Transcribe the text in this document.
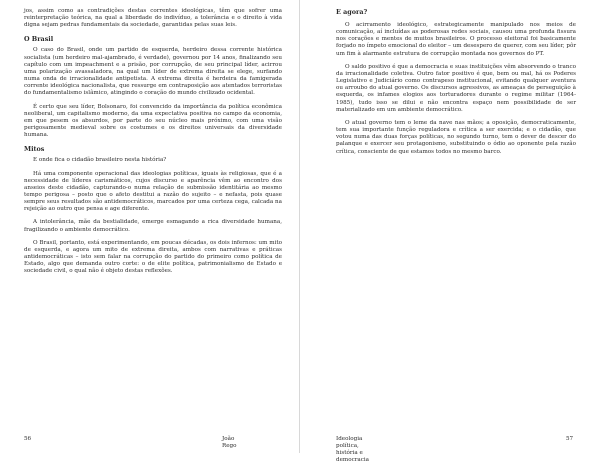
jos, assim como as contradições destas correntes ideológicas, têm que sofrer uma reinterpretação teórica, na qual a liberdade do indivíduo, a tolerância e o direito à vida digna sejam pedras fundamentais da sociedade, garantidas pelas suas leis.

O Brasil

O caso do Brasil, onde um partido de esquerda, herdeiro dessa corrente histórica socialista (um herdeiro mal-ajambrado, é verdade), governou por 14 anos, finalizando seu capítulo com um impeachment e a prisão, por corrupção, de seu principal líder, acirrou uma polarização avassaladora, na qual um líder de extrema direita se elege, surfando numa onda de irracionalidade antipetista. A extrema direita é herdeira da famigerada corrente ideológica nacionalista, que ressurge em contraposição aos atentados terroristas do fundamentalismo islâmico, atingindo o coração do mundo civilizado ocidental.

É certo que seu líder, Bolsonaro, foi convencido da importância da política econômica neoliberal, um capitalismo moderno, da uma expectativa positiva no campo da economia, em que pesem os absurdos, por parte do seu núcleo mais próximo, com uma visão perigosamente medieval sobre os costumes e os direitos universais da diversidade humana.

Mitos

E onde fica o cidadão brasileiro nesta história?

Há uma componente operacional das ideologias políticas, iguais às religiosas, que é a necessidade de líderes carismáticos, cujos discurso e aparência vêm ao encontro dos anseios deste cidadão, capturando-o numa relação de submissão identitária ao mesmo tempo perigosa – posto que o afeto destitui a razão do sujeito – e nefasta, pois quase sempre seus resultados são antidemocráticos, marcados por uma certeza cega, calcada na rejeição ao outro que pensa e age diferente.

A intolerância, mãe da bestialidade, emerge esmagando a rica diversidade humana, fragilizando o ambiente democrático.

O Brasil, portanto, está experimentando, em poucas décadas, os dois infernos: um mito de esquerda, e agora um mito de extrema direita, ambos com narrativas e práticas antidemocráticas – isto sem falar na corrupção do partido do primeiro como política de Estado, algo que demanda outro corte: o de elite política, patrimonialismo de Estado e sociedade civil, o qual não é objeto destas reflexões.

E agora?

O acirramento ideológico, estrategicamente manipulado nos meios de comunicação, aí incluídas as poderosas redes sociais, causou uma profunda fissura nos corações e mentes de muitos brasileiros. O processo eleitoral foi basicamente forjado no ímpeto emocional do eleitor – um desespero de querer, com seu líder, pôr um fim à alarmante estrutura de corrupção montada nos governos do PT.

O saldo positivo é que a democracia e suas instituições vêm absorvendo o tranco da irracionalidade coletiva. Outro fator positivo é que, bem ou mal, há os Poderes Legislativo e Judiciário como contrapeso institucional, evitando qualquer aventura ou arroubo do atual governo. Os discursos agressivos, as ameaças de perseguição à esquerda, os infames elogios aos torturadores durante o regime militar (1964-1985), tudo isso se dilui e não encontra espaço nem possibilidade de ser materializado em um ambiente democrático.

O atual governo tem o leme da nave nas mãos; a oposição, democraticamente, tem sua importante função reguladora e crítica a ser exercida; e o cidadão, que votou numa das duas forças políticas, no segundo turno, tem o dever de descer do palanque e exercer seu protagonismo, substituindo o ódio ao oponente pela razão crítica, consciente de que estamos todos no mesmo barco.

56	João Rego
Ideologia política, história e democracia
57
